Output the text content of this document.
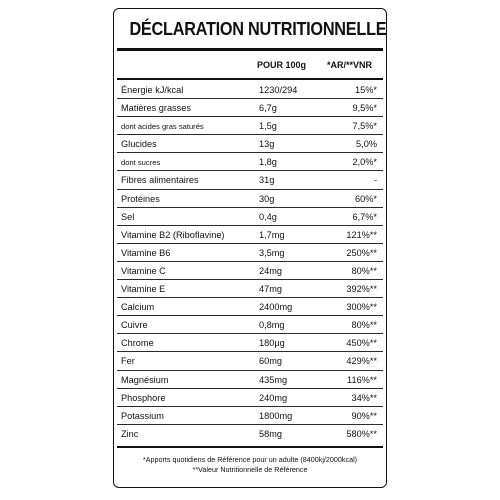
DÉCLARATION NUTRITIONNELLE
POUR 100g *AR/**VNR
Énergie kJ/kcal	1230/294	15%*
Matières grasses	6,7g	9,5%*
dont acides gras saturés	1,5g	7,5%*
Glucides	13g	5,0%
dont sucres	1,8g	2,0%*
Fibres alimentaires	31g	-
Protéines	30g	60%*
Sel	0,4g	6,7%*
Vitamine B2 (Riboflavine)	1,7mg	121%**
Vitamine B6	3,5mg	250%**
Vitamine C	24mg	80%**
Vitamine E	47mg	392%**
Calcium	2400mg	300%**
Cuivre	0,8mg	80%**
Chrome	180µg	450%**
Fer	60mg	429%**
Magnésium	435mg	116%**
Phosphore	240mg	34%**
Potassium	1800mg	90%**
Zinc	58mg	580%**
*Apports quotidiens de Référence pour un adulte (8400kj/2000kcal)
**Valeur Nutritionnelle de Référence
